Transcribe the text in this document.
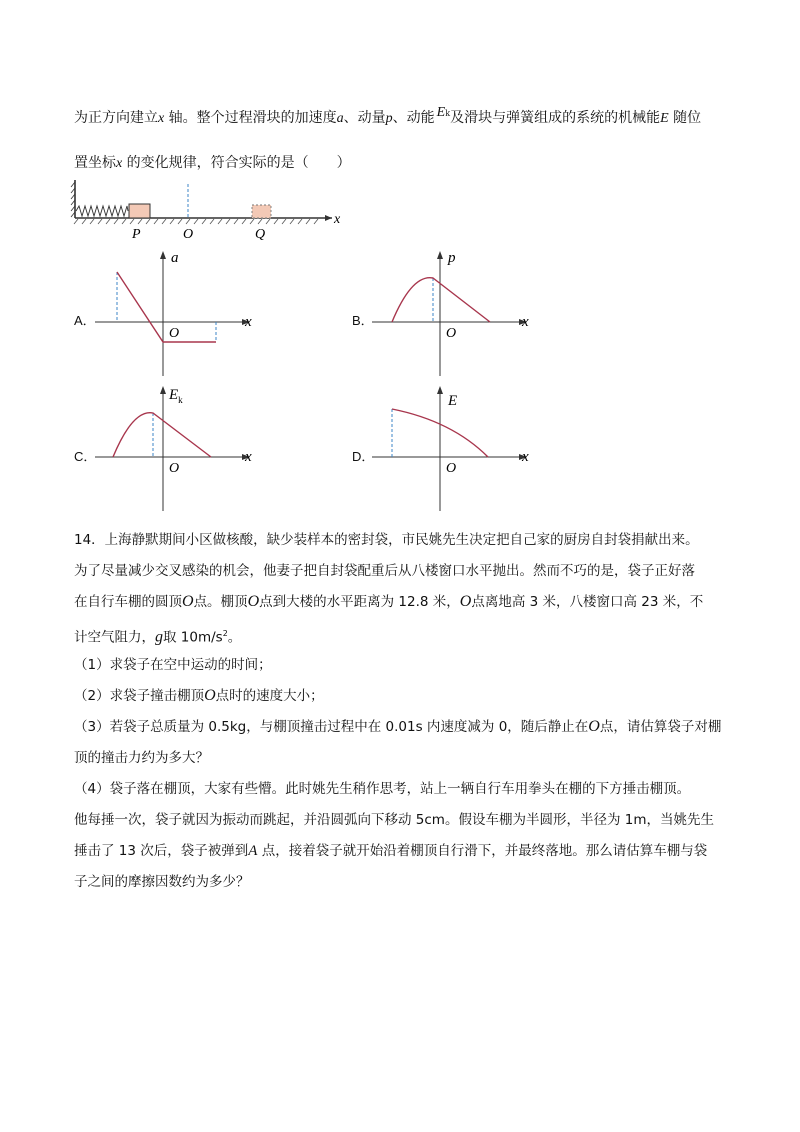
为正方向建立x 轴。整个过程滑块的加速度a、动量p、动能 Ek及滑块与弹簧组成的系统的机械能E 随位
置坐标x 的变化规律，符合实际的是（　　）
P	O	Q
x
A．
a
x
O
B．
p
x
O
C．
$E_k$
x
O
D．
E
x
O
14．上海静默期间小区做核酸，缺少装样本的密封袋，市民姚先生决定把自己家的厨房自封袋捐献出来。
为了尽量减少交叉感染的机会，他妻子把自封袋配重后从八楼窗口水平抛出。然而不巧的是，袋子正好落
在自行车棚的圆顶O点。棚顶O点到大楼的水平距离为 12.8 米，O点离地高 3 米，八楼窗口高 23 米，不
计空气阻力，g取 $10m/s^2$。
（1）求袋子在空中运动的时间；
（2）求袋子撞击棚顶O点时的速度大小；
（3）若袋子总质量为 0.5kg，与棚顶撞击过程中在 0.01s 内速度减为 0，随后静止在O点，请估算袋子对棚
顶的撞击力约为多大？
（4）袋子落在棚顶，大家有些懵。此时姚先生稍作思考，站上一辆自行车用拳头在棚的下方捶击棚顶。
他每捶一次，袋子就因为振动而跳起，并沿圆弧向下移动 5cm。假设车棚为半圆形，半径为 1m，当姚先生
捶击了 13 次后，袋子被弹到A 点，接着袋子就开始沿着棚顶自行滑下，并最终落地。那么请估算车棚与袋
子之间的摩擦因数约为多少？
